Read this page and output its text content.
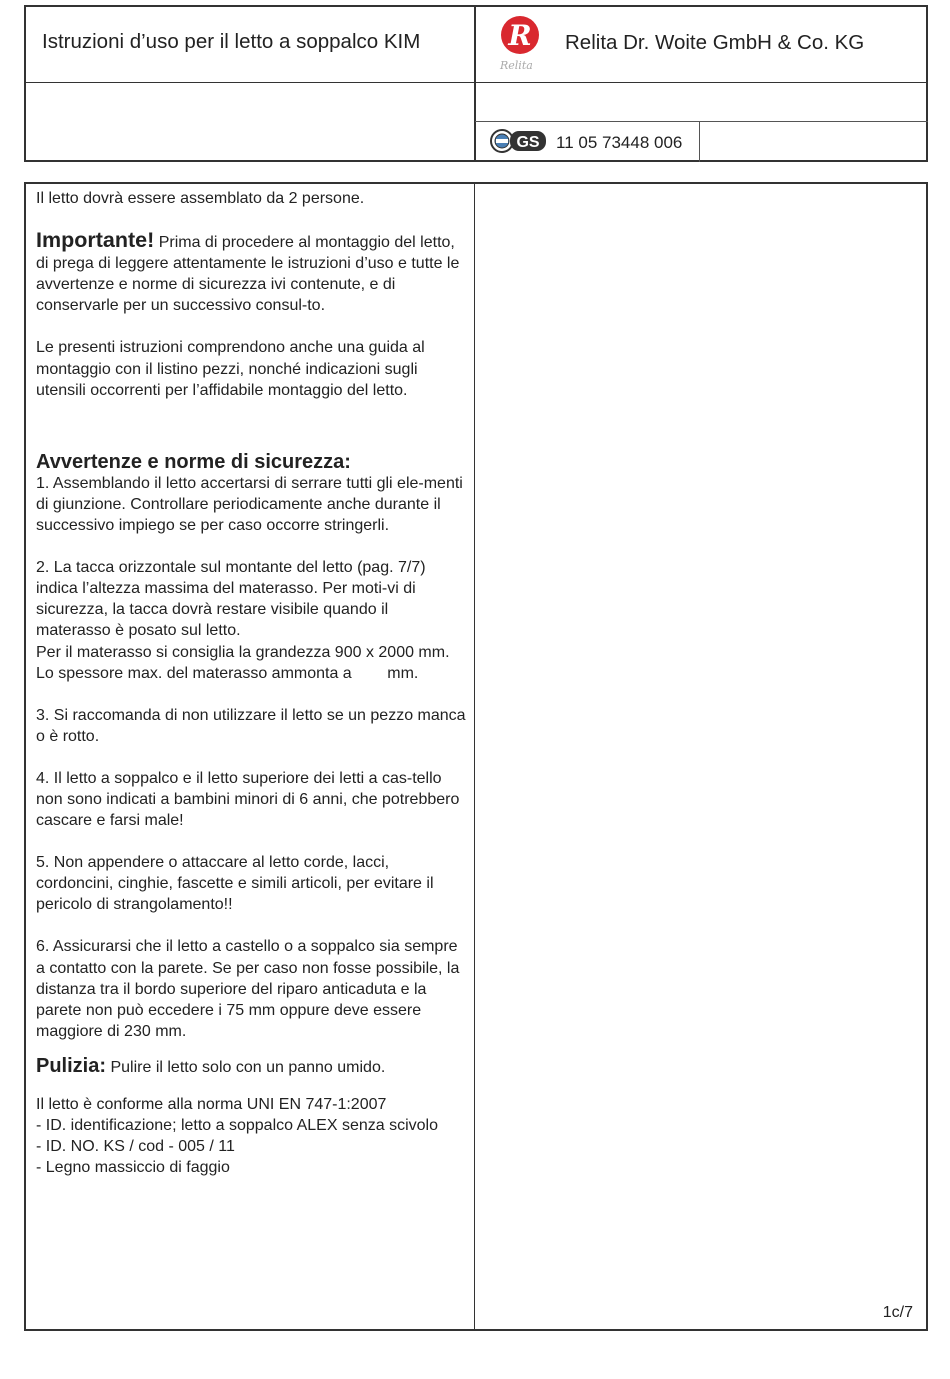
Istruzioni d’uso per il letto a soppalco KIM	R
Relita
Relita Dr. Woite GmbH & Co. KG
GS 11 05 73448 006

Il letto dovrà essere assemblato da 2 persone.

Importante! Prima di procedere al montaggio del letto, di prega di leggere attentamente le istruzioni d’uso e tutte le avvertenze e norme di sicurezza ivi contenute, e di conservarle per un successivo consul-to.

Le presenti istruzioni comprendono anche una guida al montaggio con il listino pezzi, nonché indicazioni sugli utensili occorrenti per l’affidabile montaggio del letto.

Avvertenze e norme di sicurezza:

1. Assemblando il letto accertarsi di serrare tutti gli ele-menti di giunzione. Controllare periodicamente anche durante il successivo impiego se per caso occorre stringerli.

2. La tacca orizzontale sul montante del letto (pag. 7/7) indica l’altezza massima del materasso. Per moti-vi di sicurezza, la tacca dovrà restare visibile quando il materasso è posato sul letto.

Per il materasso si consiglia la grandezza 900 x 2000 mm.

Lo spessore max. del materasso ammonta a        mm.

3. Si raccomanda di non utilizzare il letto se un pezzo manca o è rotto.

4. Il letto a soppalco e il letto superiore dei letti a cas-tello non sono indicati a bambini minori di 6 anni, che potrebbero cascare e farsi male!

5. Non appendere o attaccare al letto corde, lacci, cordoncini, cinghie, fascette e simili articoli, per evitare il pericolo di strangolamento!!

6. Assicurarsi che il letto a castello o a soppalco sia sempre a contatto con la parete. Se per caso non fosse possibile, la distanza tra il bordo superiore del riparo anticaduta e la parete non può eccedere i 75 mm oppure deve essere maggiore di 230 mm.

Pulizia: Pulire il letto solo con un panno umido.

Il letto è conforme alla norma UNI EN 747-1:2007

- ID. identificazione; letto a soppalco ALEX senza scivolo

- ID. NO. KS / cod - 005 / 11

- Legno massiccio di faggio

1c/7
